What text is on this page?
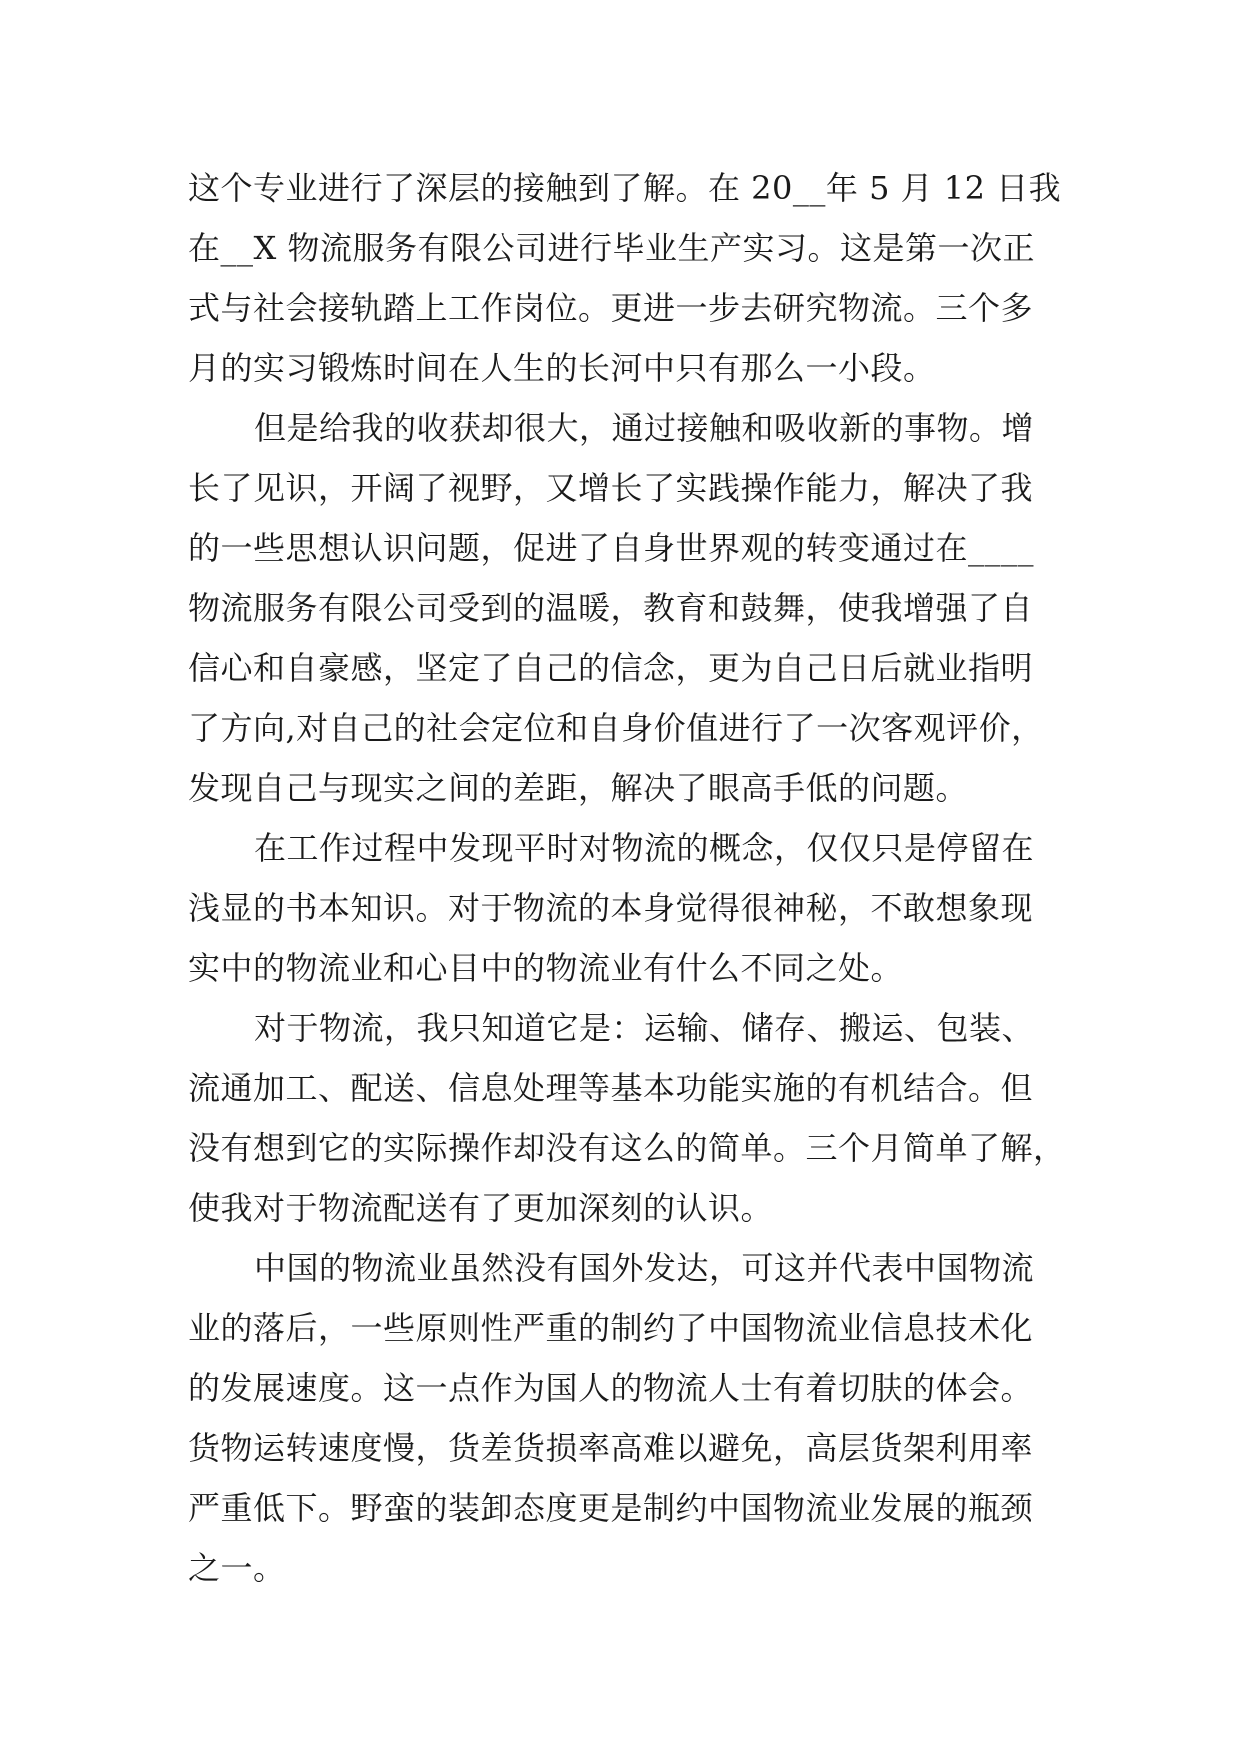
这个专业进行了深层的接触到了解。在 20__年 5 月 12 日我
在__X 物流服务有限公司进行毕业生产实习。这是第一次正
式与社会接轨踏上工作岗位。更进一步去研究物流。三个多
月的实习锻炼时间在人生的长河中只有那么一小段。
但是给我的收获却很大，通过接触和吸收新的事物。增
长了见识，开阔了视野，又增长了实践操作能力，解决了我
的一些思想认识问题，促进了自身世界观的转变通过在____
物流服务有限公司受到的温暖，教育和鼓舞，使我增强了自
信心和自豪感，坚定了自己的信念，更为自己日后就业指明
了方向,对自己的社会定位和自身价值进行了一次客观评价，
发现自己与现实之间的差距，解决了眼高手低的问题。
在工作过程中发现平时对物流的概念，仅仅只是停留在
浅显的书本知识。对于物流的本身觉得很神秘，不敢想象现
实中的物流业和心目中的物流业有什么不同之处。
对于物流，我只知道它是：运输、储存、搬运、包装、
流通加工、配送、信息处理等基本功能实施的有机结合。但
没有想到它的实际操作却没有这么的简单。三个月简单了解，
使我对于物流配送有了更加深刻的认识。
中国的物流业虽然没有国外发达，可这并代表中国物流
业的落后，一些原则性严重的制约了中国物流业信息技术化
的发展速度。这一点作为国人的物流人士有着切肤的体会。
货物运转速度慢，货差货损率高难以避免，高层货架利用率
严重低下。野蛮的装卸态度更是制约中国物流业发展的瓶颈
之一。
